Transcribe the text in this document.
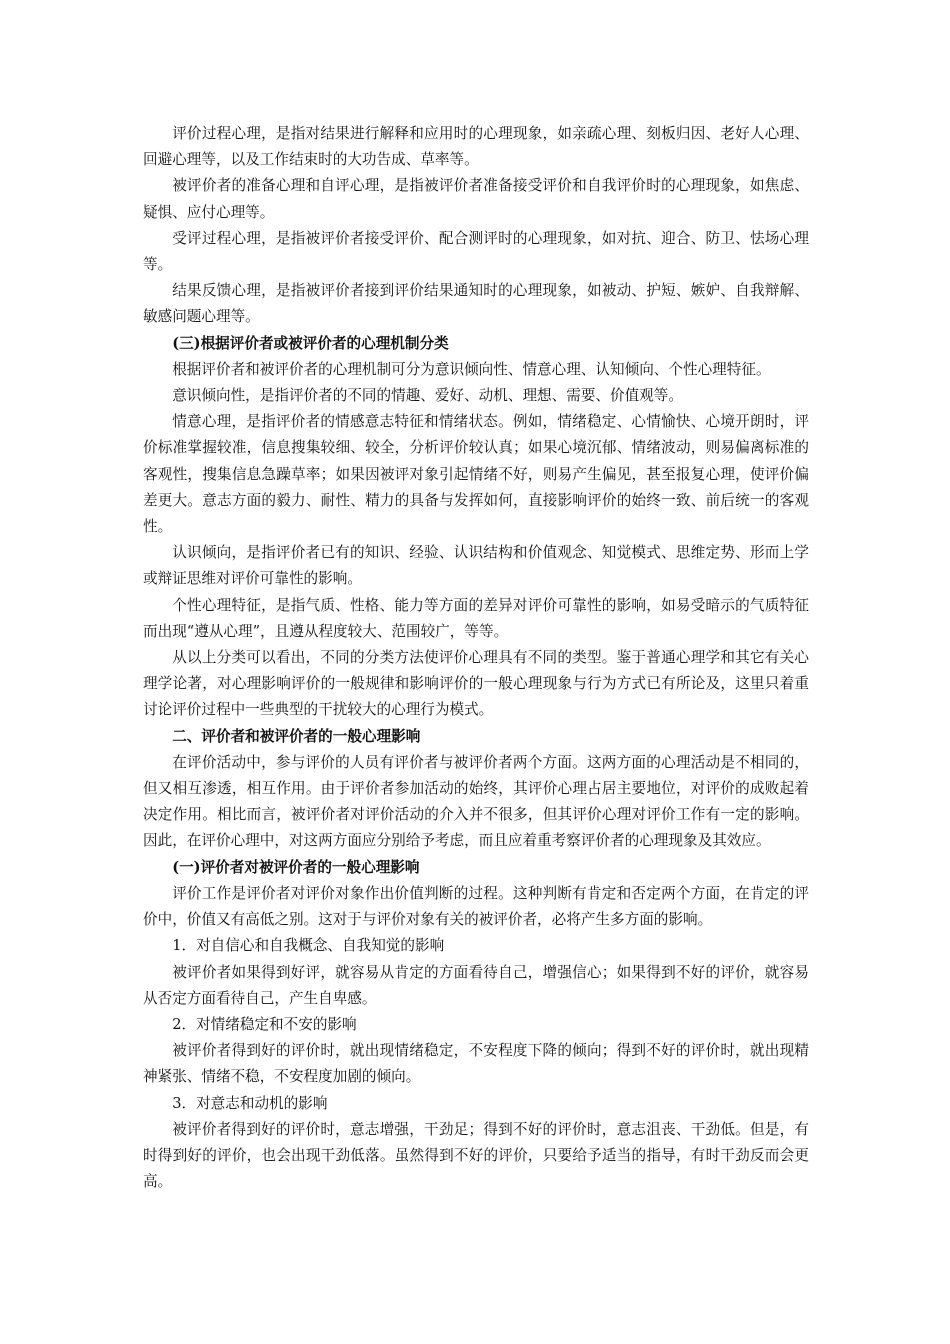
评价过程心理，是指对结果进行解释和应用时的心理现象，如亲疏心理、刻板归因、老好人心理、回避心理等，以及工作结束时的大功告成、草率等。

被评价者的准备心理和自评心理，是指被评价者准备接受评价和自我评价时的心理现象，如焦虑、疑惧、应付心理等。

受评过程心理，是指被评价者接受评价、配合测评时的心理现象，如对抗、迎合、防卫、怯场心理等。

结果反馈心理，是指被评价者接到评价结果通知时的心理现象，如被动、护短、嫉妒、自我辩解、敏感问题心理等。

(三)根据评价者或被评价者的心理机制分类

根据评价者和被评价者的心理机制可分为意识倾向性、情意心理、认知倾向、个性心理特征。

意识倾向性，是指评价者的不同的情趣、爱好、动机、理想、需要、价值观等。

情意心理，是指评价者的情感意志特征和情绪状态。例如，情绪稳定、心情愉快、心境开朗时，评价标准掌握较准，信息搜集较细、较全，分析评价较认真；如果心境沉郁、情绪波动，则易偏离标准的客观性，搜集信息急躁草率；如果因被评对象引起情绪不好，则易产生偏见，甚至报复心理，使评价偏差更大。意志方面的毅力、耐性、精力的具备与发挥如何，直接影响评价的始终一致、前后统一的客观性。

认识倾向，是指评价者已有的知识、经验、认识结构和价值观念、知觉模式、思维定势、形而上学或辩证思维对评价可靠性的影响。

个性心理特征，是指气质、性格、能力等方面的差异对评价可靠性的影响，如易受暗示的气质特征而出现“遵从心理”，且遵从程度较大、范围较广，等等。

从以上分类可以看出，不同的分类方法使评价心理具有不同的类型。鉴于普通心理学和其它有关心理学论著，对心理影响评价的一般规律和影响评价的一般心理现象与行为方式已有所论及，这里只着重讨论评价过程中一些典型的干扰较大的心理行为模式。

二、评价者和被评价者的一般心理影响

在评价活动中，参与评价的人员有评价者与被评价者两个方面。这两方面的心理活动是不相同的，但又相互渗透，相互作用。由于评价者参加活动的始终，其评价心理占居主要地位，对评价的成败起着决定作用。相比而言，被评价者对评价活动的介入并不很多，但其评价心理对评价工作有一定的影响。因此，在评价心理中，对这两方面应分别给予考虑，而且应着重考察评价者的心理现象及其效应。

(一)评价者对被评价者的一般心理影响

评价工作是评价者对评价对象作出价值判断的过程。这种判断有肯定和否定两个方面，在肯定的评价中，价值又有高低之别。这对于与评价对象有关的被评价者，必将产生多方面的影响。

1．对自信心和自我概念、自我知觉的影响

被评价者如果得到好评，就容易从肯定的方面看待自己，增强信心；如果得到不好的评价，就容易从否定方面看待自己，产生自卑感。

2．对情绪稳定和不安的影响

被评价者得到好的评价时，就出现情绪稳定，不安程度下降的倾向；得到不好的评价时，就出现精神紧张、情绪不稳，不安程度加剧的倾向。

3．对意志和动机的影响

被评价者得到好的评价时，意志增强，干劲足；得到不好的评价时，意志沮丧、干劲低。但是，有时得到好的评价，也会出现干劲低落。虽然得到不好的评价，只要给予适当的指导，有时干劲反而会更高。
